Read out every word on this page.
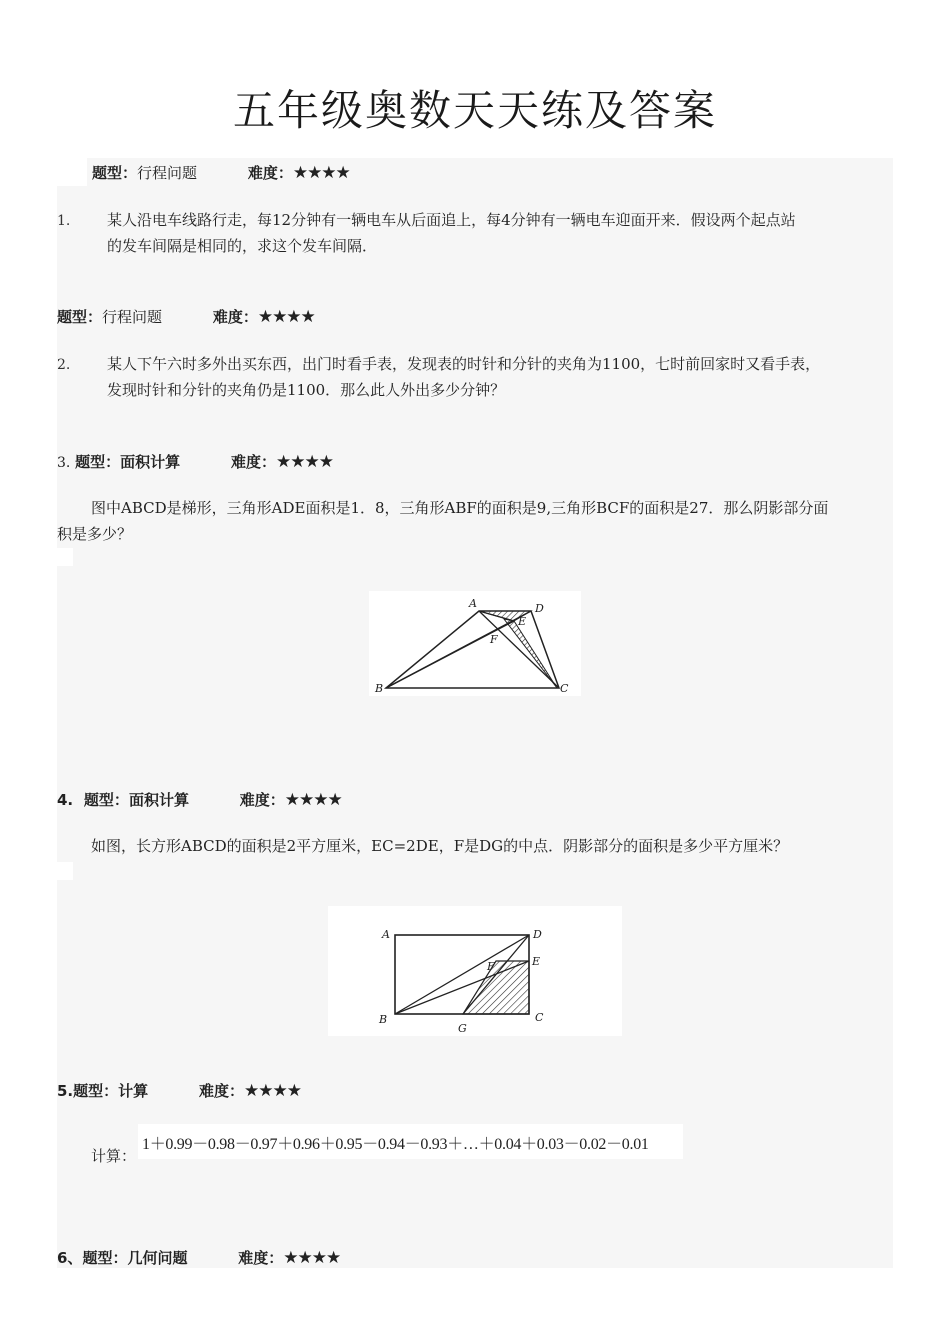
五年级奥数天天练及答案
题型：行程问题	难度：★★★★
1. 某人沿电车线路行走，每12分钟有一辆电车从后面追上，每4分钟有一辆电车迎面开来．假设两个起点站
的发车间隔是相同的，求这个发车间隔．
题型：行程问题	难度：★★★★
2. 某人下午六时多外出买东西，出门时看手表，发现表的时针和分针的夹角为1100，七时前回家时又看手表，
发现时针和分针的夹角仍是1100．那么此人外出多少分钟？
3. 题型：面积计算	难度：★★★★
图中ABCD是梯形，三角形ADE面积是1．8，三角形ABF的面积是9,三角形BCF的面积是27．那么阴影部分面
积是多少？
A	D
E
F
B	C
4. 题型：面积计算	难度：★★★★
如图，长方形ABCD的面积是2平方厘米，EC=2DE，F是DG的中点．阴影部分的面积是多少平方厘米？
A	D
E
F
B
G
C
5.题型：计算	难度：★★★★
计算：
1＋0.99－0.98－0.97＋0.96＋0.95－0.94－0.93＋…＋0.04＋0.03－0.02－0.01
6、题型：几何问题	难度：★★★★
